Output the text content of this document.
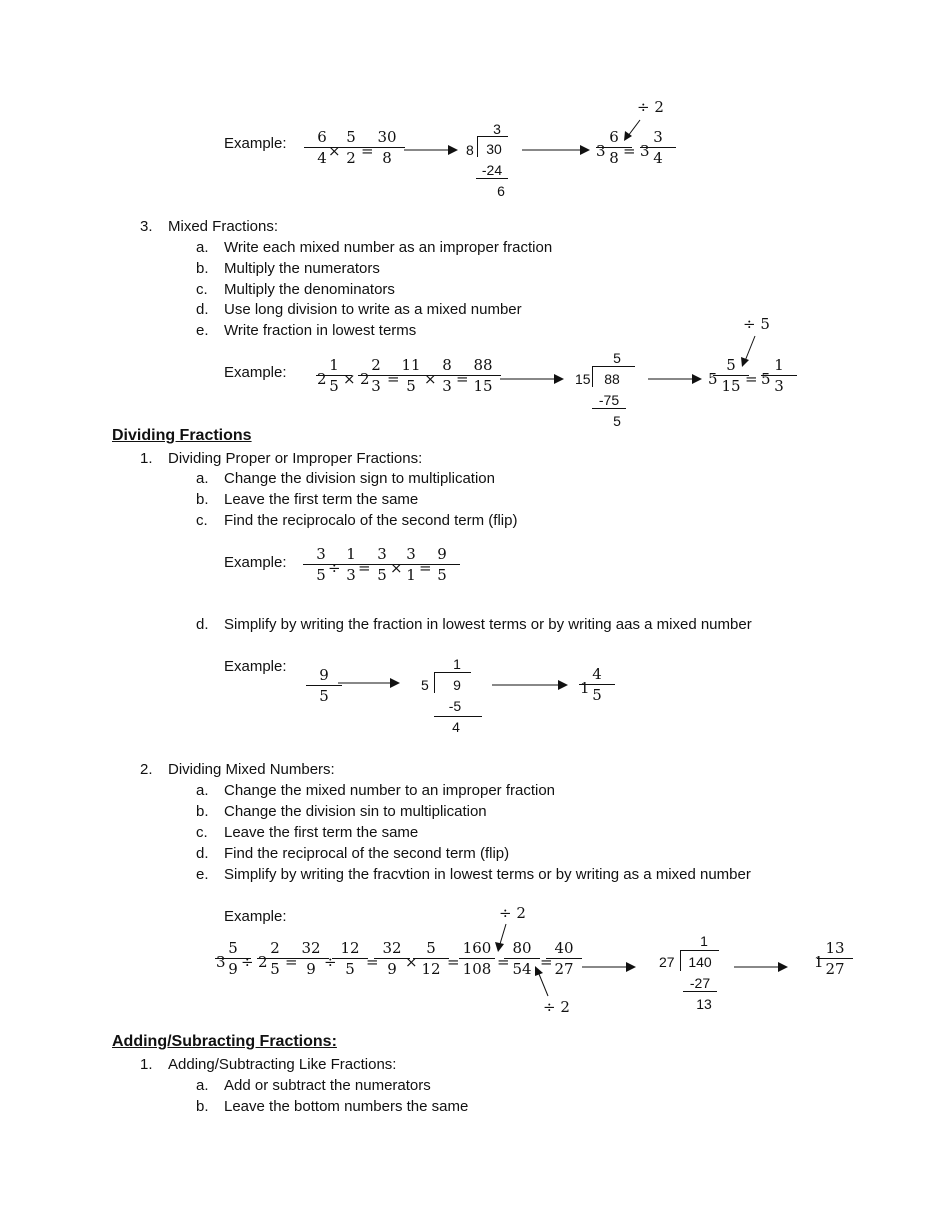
Example:	6
4 ×
5
2 =
30
8
3
8 30
-24
6
3
6
8 = 3
3
4
÷ 2
3. Mixed Fractions:
a. Write each mixed number as an improper fraction
b. Multiply the numerators
c. Multiply the denominators
d. Use long division to write as a mixed number
e. Write fraction in lowest terms
Example: 2
1
5 × 2
2
3 =
11
5 ×
8
3 =
88
15
5
15 88
-75
5
5
5
15 = 5
1
3
÷ 5
Dividing Fractions
1. Dividing Proper or Improper Fractions:
a. Change the division sign to multiplication
b. Leave the first term the same
c. Find the reciprocalo of the second term (flip)
Example:	3
5 ÷
1
3 =
3
5 ×
3
1 =
9
5
d. Simplify by writing the fraction in lowest terms or by writing aas a mixed number
Example:	9
5
1
5	9
-5
4
1
4
5
2. Dividing Mixed Numbers:
a. Change the mixed number to an improper fraction
b. Change the division sin to multiplication
c. Leave the first term the same
d. Find the reciprocal of the second term (flip)
e. Simplify by writing the fracvtion in lowest terms or by writing as a mixed number
Example:
3
5
9 ÷ 2
2
5 =
32
9 ÷
12
5 =
32
9 ×
5
12 =
160
108 =
80
54 =
40
27
÷ 2
÷ 2
1
27 140
-27
13
1
13
27
Adding/Subracting Fractions:
1. Adding/Subtracting Like Fractions:
a. Add or subtract the numerators
b. Leave the bottom numbers the same
